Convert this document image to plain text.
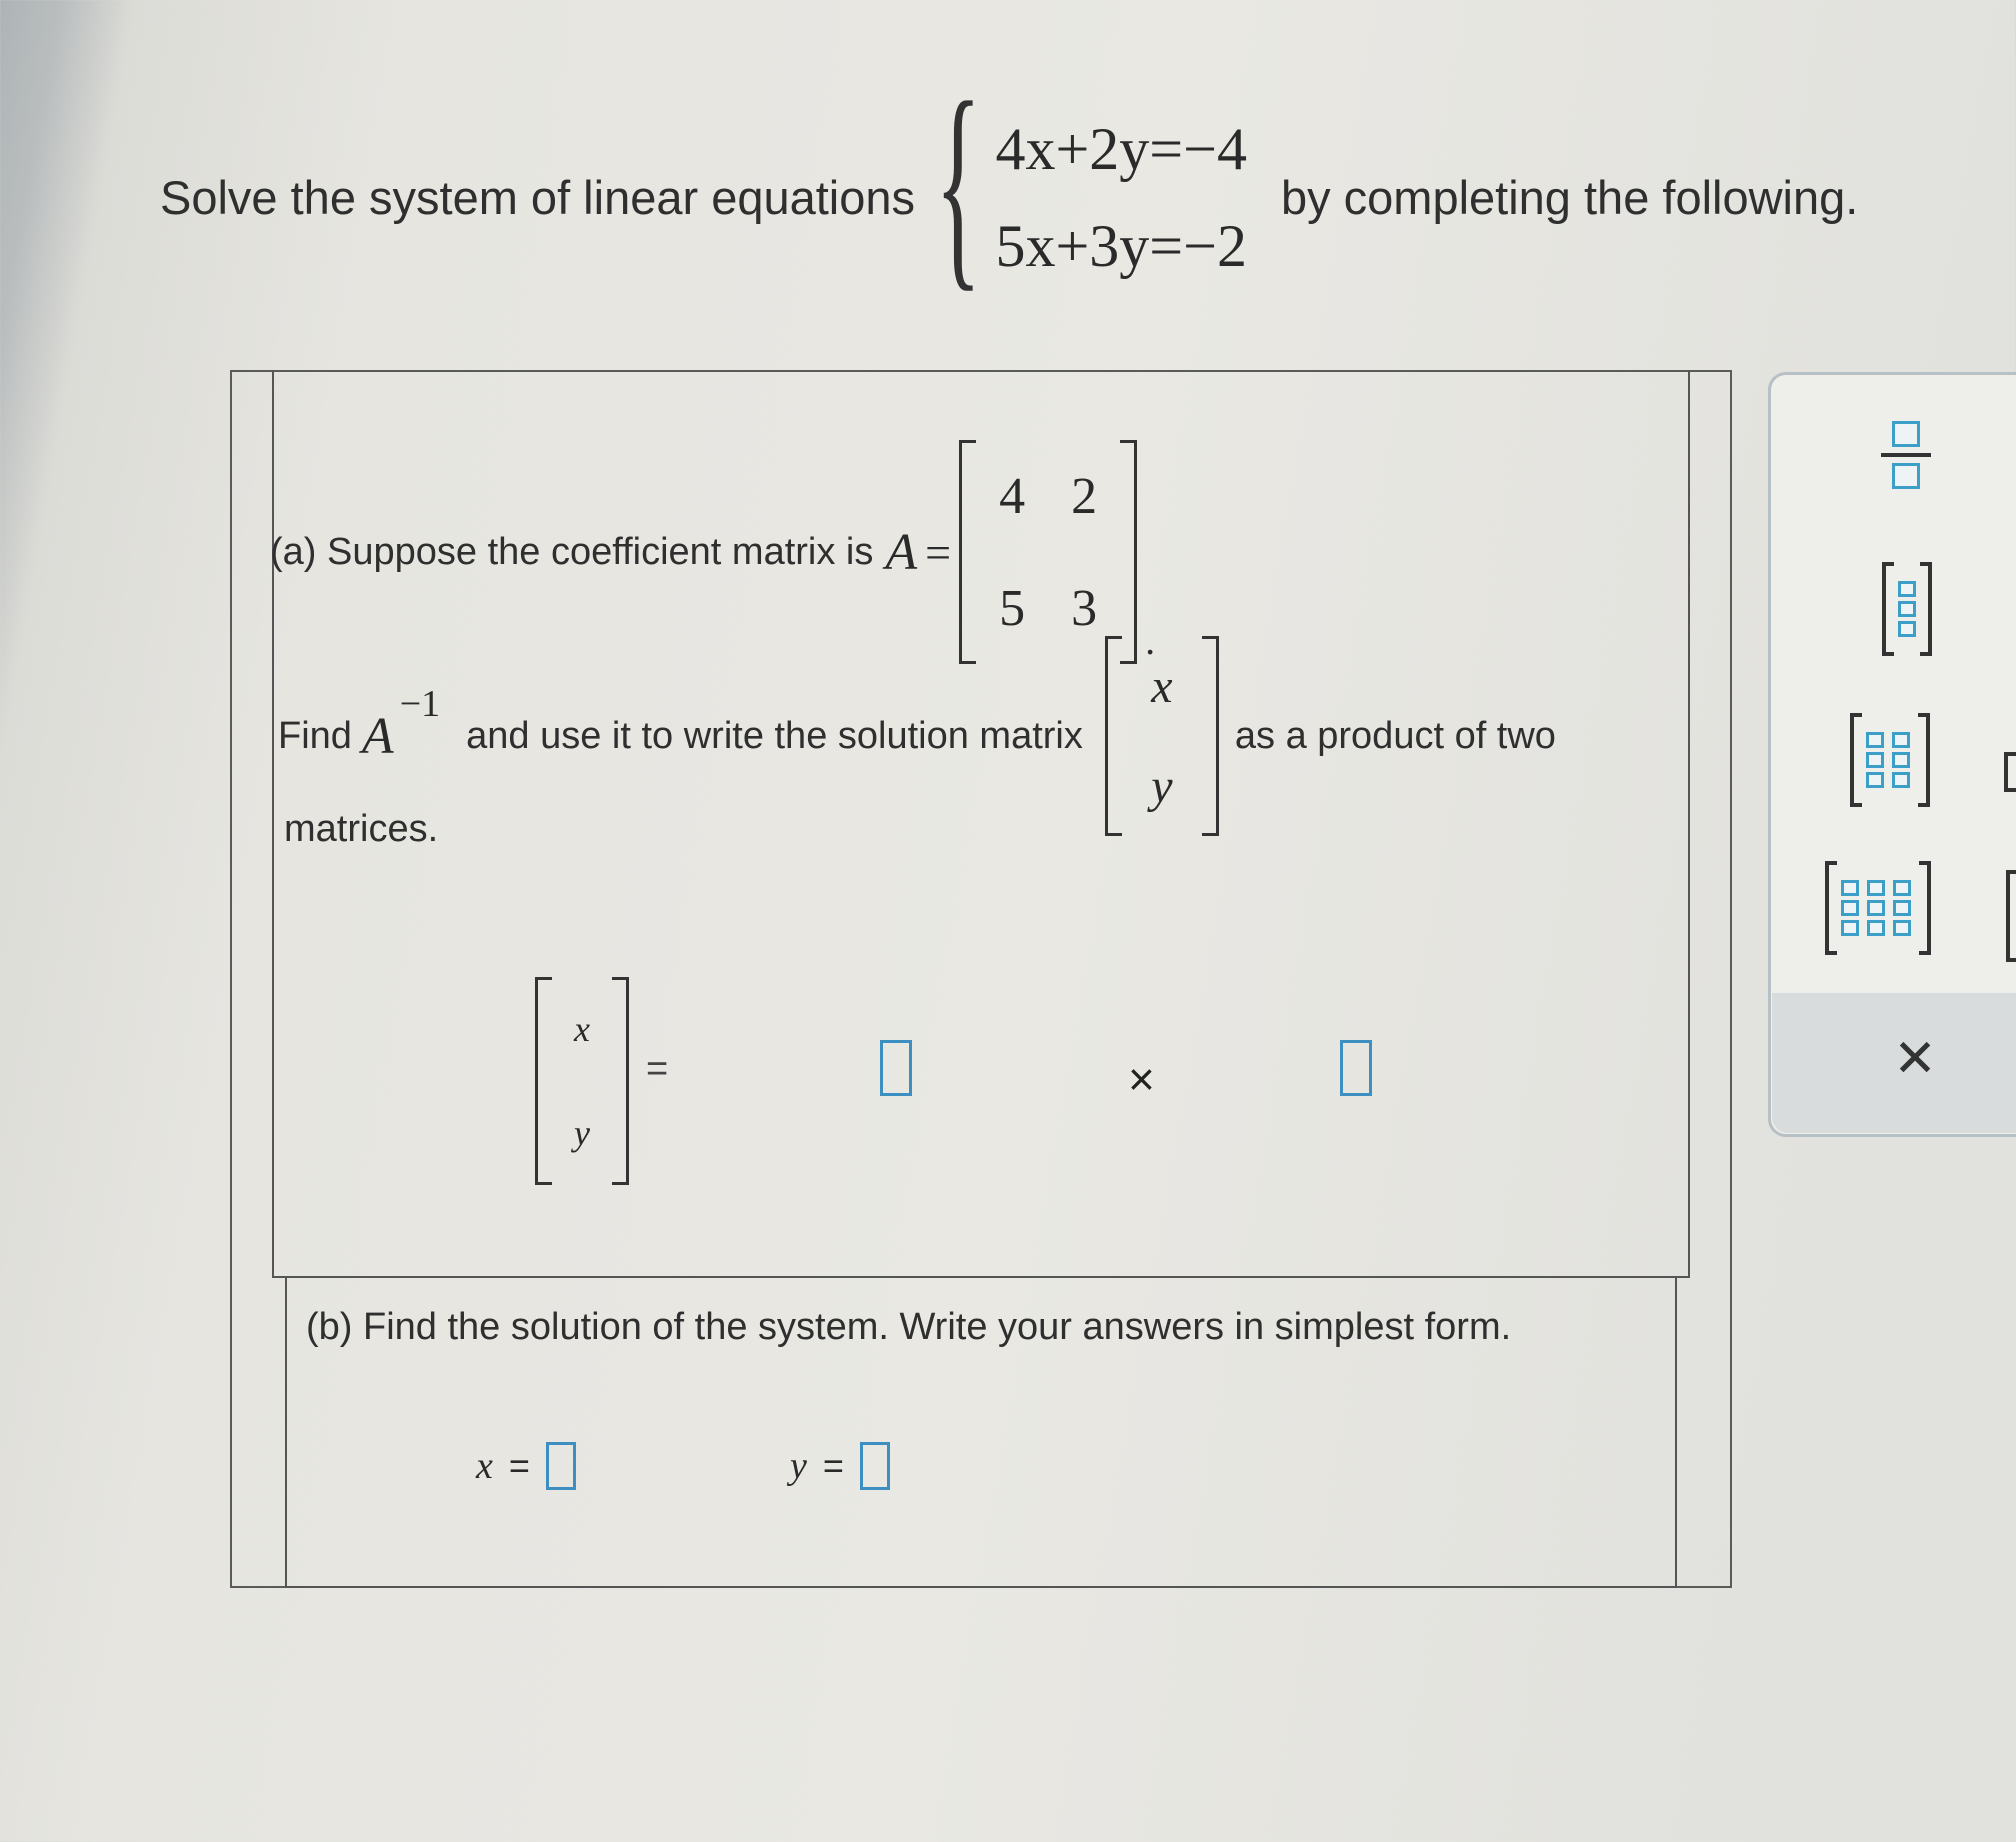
Solve the system of linear equations { 4x+2y=−4
5x+3y=−2
by completing the following.
(a) Suppose the coefficient matrix is A =
4 2
5 3
.
Find A
−1
and use it to write the solution matrix
x
y
as a product of two
matrices.
x
y
=	×
(b) Find the solution of the system. Write your answers in simplest form.
x =	y =
✕
